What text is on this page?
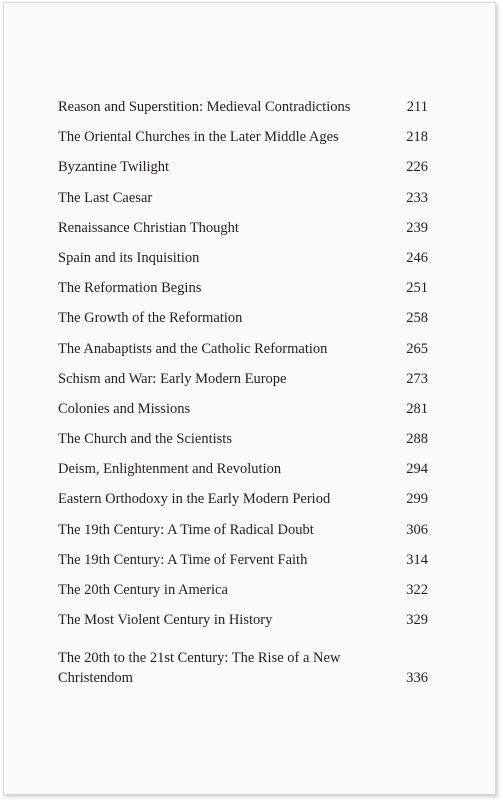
Reason and Superstition: Medieval Contradictions	211
The Oriental Churches in the Later Middle Ages	218
Byzantine Twilight	226
The Last Caesar	233
Renaissance Christian Thought	239
Spain and its Inquisition	246
The Reformation Begins	251
The Growth of the Reformation	258
The Anabaptists and the Catholic Reformation	265
Schism and War: Early Modern Europe	273
Colonies and Missions	281
The Church and the Scientists	288
Deism, Enlightenment and Revolution	294
Eastern Orthodoxy in the Early Modern Period	299
The 19th Century: A Time of Radical Doubt	306
The 19th Century: A Time of Fervent Faith	314
The 20th Century in America	322
The Most Violent Century in History	329
The 20th to the 21st Century: The Rise of a New Christendom	336
